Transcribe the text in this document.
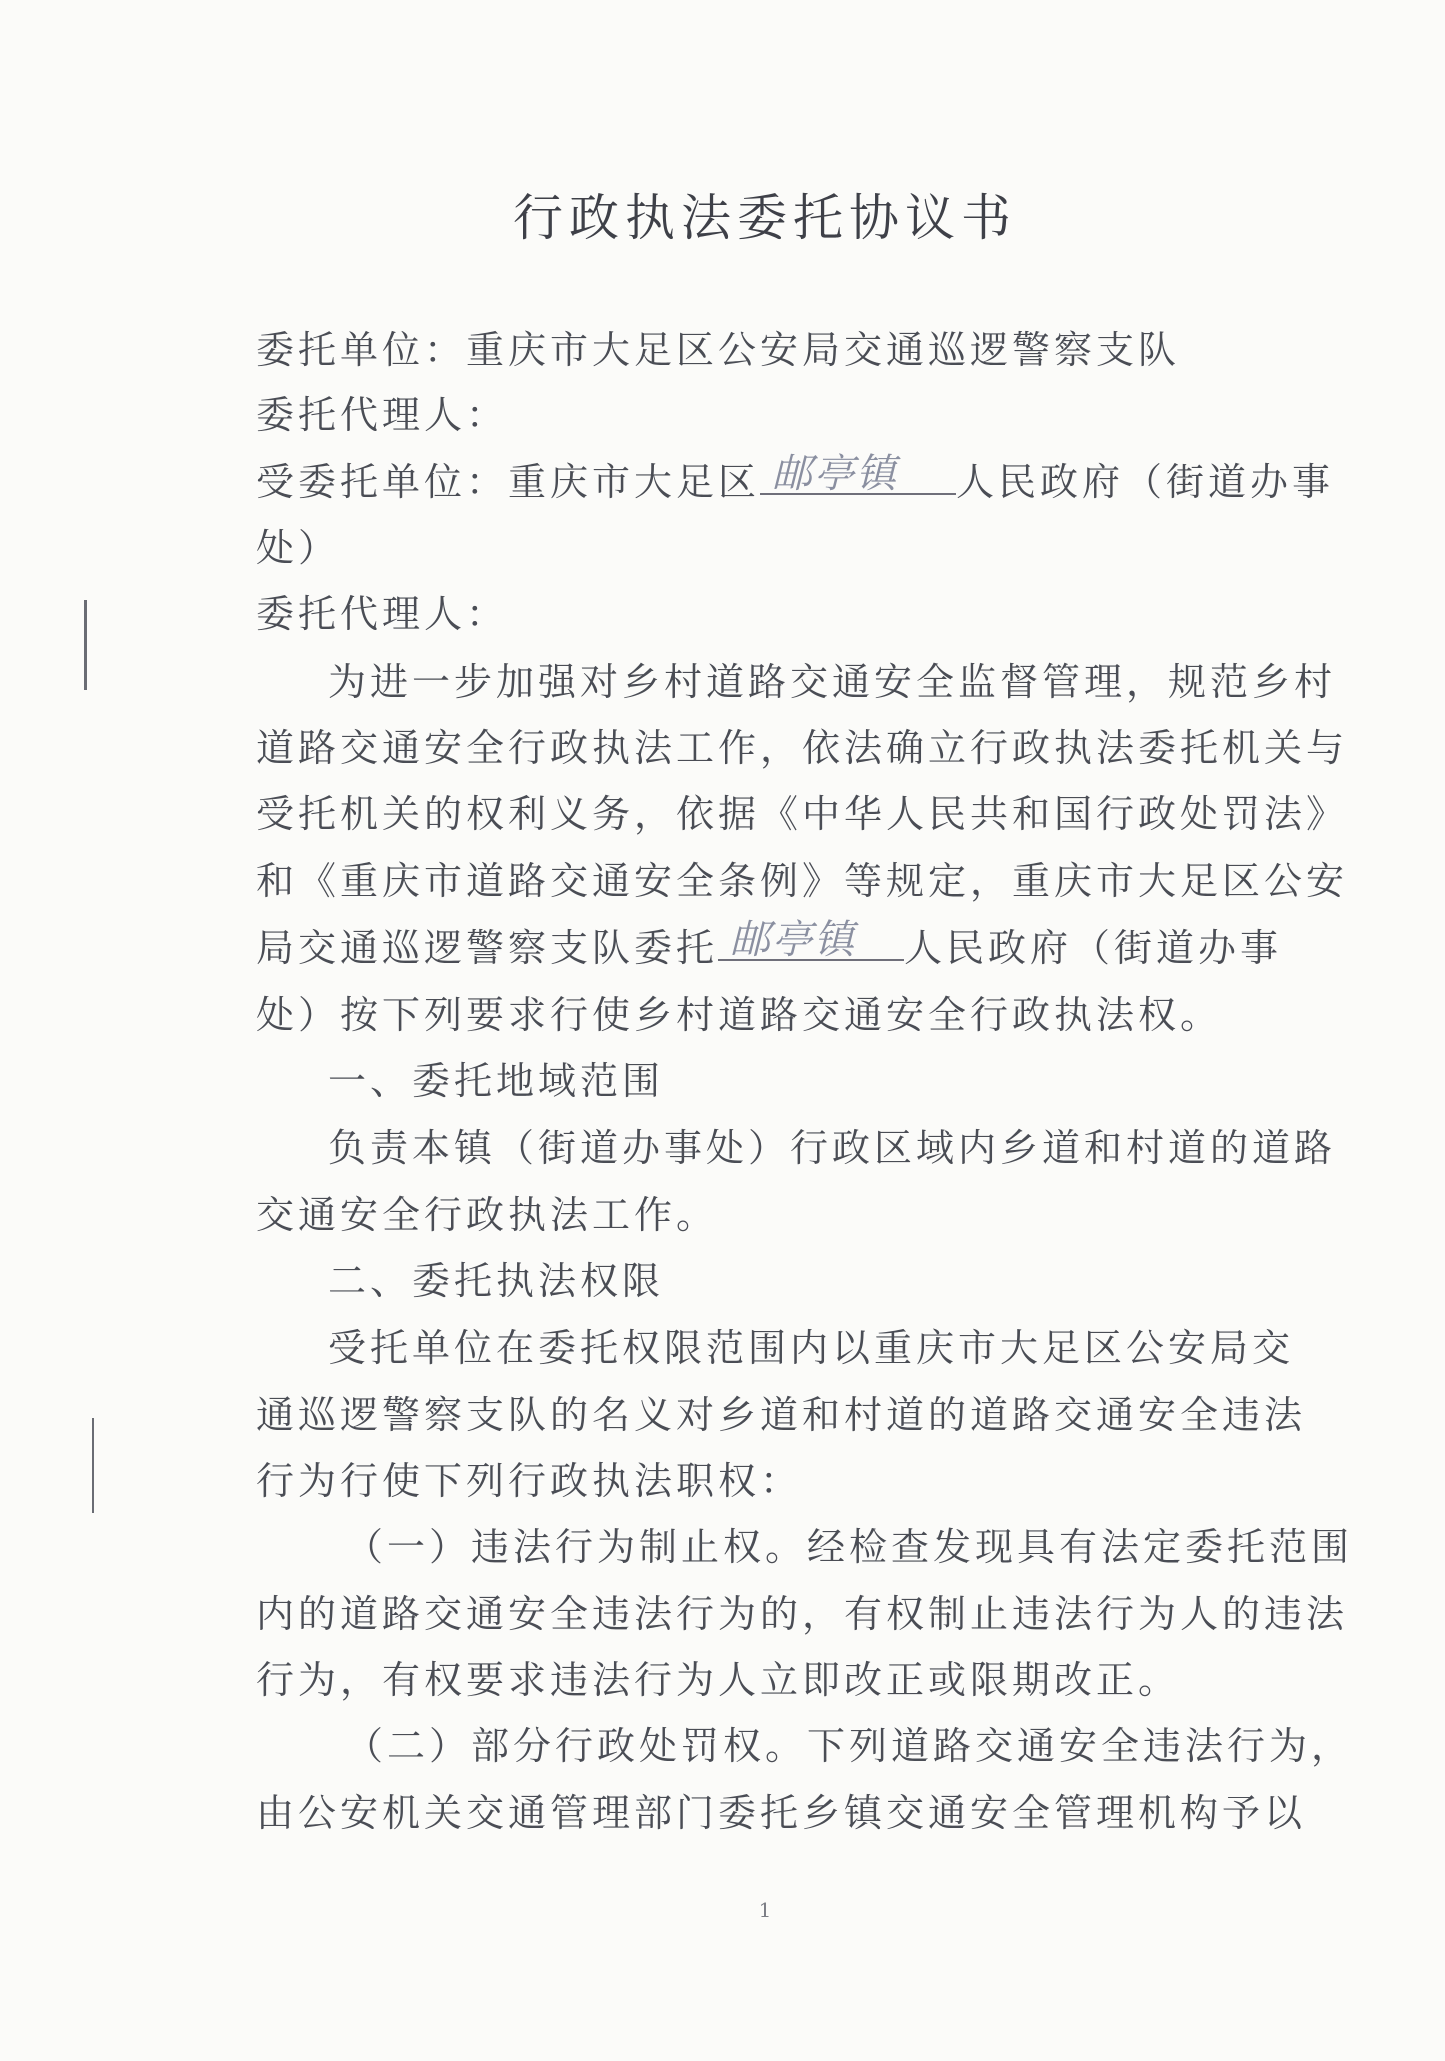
行政执法委托协议书
委托单位：重庆市大足区公安局交通巡逻警察支队
委托代理人：
受委托单位：重庆市大足区 邮亭镇 人民政府（街道办事
处）
委托代理人：
为进一步加强对乡村道路交通安全监督管理，规范乡村
道路交通安全行政执法工作，依法确立行政执法委托机关与
受托机关的权利义务，依据《中华人民共和国行政处罚法》
和《重庆市道路交通安全条例》等规定，重庆市大足区公安
局交通巡逻警察支队委托 邮亭镇 人民政府（街道办事
处）按下列要求行使乡村道路交通安全行政执法权。
一、委托地域范围
负责本镇（街道办事处）行政区域内乡道和村道的道路
交通安全行政执法工作。
二、委托执法权限
受托单位在委托权限范围内以重庆市大足区公安局交
通巡逻警察支队的名义对乡道和村道的道路交通安全违法
行为行使下列行政执法职权：
（一）违法行为制止权。经检查发现具有法定委托范围
内的道路交通安全违法行为的，有权制止违法行为人的违法
行为，有权要求违法行为人立即改正或限期改正。
（二）部分行政处罚权。下列道路交通安全违法行为，
由公安机关交通管理部门委托乡镇交通安全管理机构予以
1
